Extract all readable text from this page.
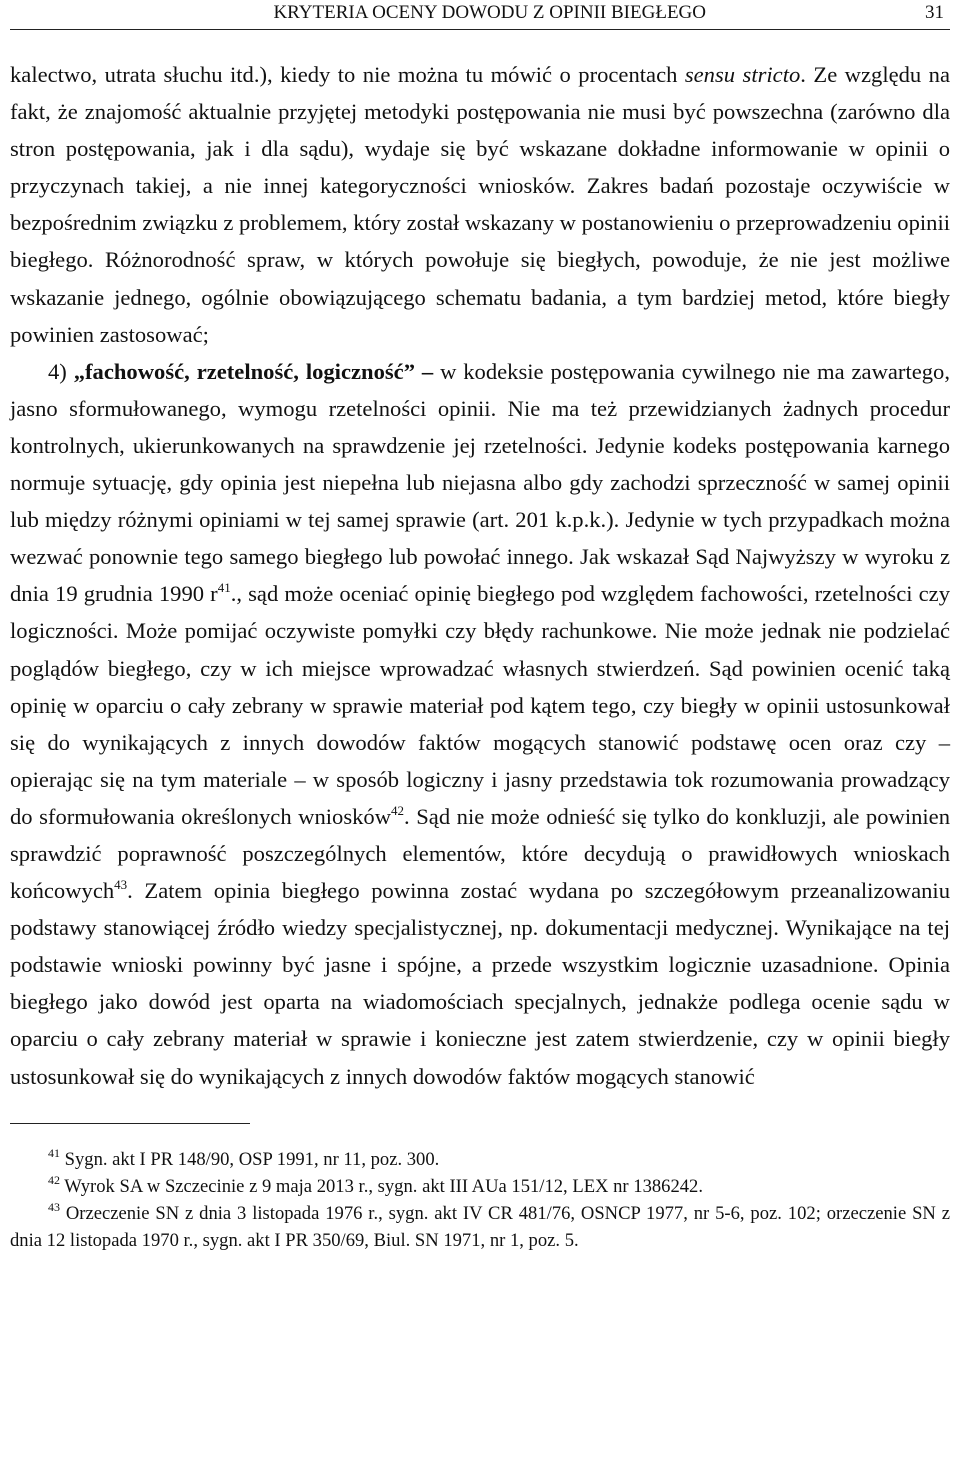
KRYTERIA OCENY DOWODU Z OPINII BIEGŁEGO	31

kalectwo, utrata słuchu itd.), kiedy to nie można tu mówić o procentach sensu stricto. Ze względu na fakt, że znajomość aktualnie przyjętej metodyki postępowania nie musi być powszechna (zarówno dla stron postępowania, jak i dla sądu), wydaje się być wskazane dokładne informowanie w opinii o przyczynach takiej, a nie innej kategoryczności wniosków. Zakres badań pozostaje oczywiście w bezpośrednim związku z problemem, który został wskazany w postanowieniu o przeprowadzeniu opinii biegłego. Różnorodność spraw, w których powołuje się biegłych, powoduje, że nie jest możliwe wskazanie jednego, ogólnie obowiązującego schematu badania, a tym bardziej metod, które biegły powinien zastosować;

4) „fachowość, rzetelność, logiczność” – w kodeksie postępowania cywilnego nie ma zawartego, jasno sformułowanego, wymogu rzetelności opinii. Nie ma też przewidzianych żadnych procedur kontrolnych, ukierunkowanych na sprawdzenie jej rzetelności. Jedynie kodeks postępowania karnego normuje sytuację, gdy opinia jest niepełna lub niejasna albo gdy zachodzi sprzeczność w samej opinii lub między różnymi opiniami w tej samej sprawie (art. 201 k.p.k.). Jedynie w tych przypadkach można wezwać ponownie tego samego biegłego lub powołać innego. Jak wskazał Sąd Najwyższy w wyroku z dnia 19 grudnia 1990 $r^{41}$., sąd może oceniać opinię biegłego pod względem fachowości, rzetelności czy logiczności. Może pomijać oczywiste pomyłki czy błędy rachunkowe. Nie może jednak nie podzielać poglądów biegłego, czy w ich miejsce wprowadzać własnych stwierdzeń. Sąd powinien ocenić taką opinię w oparciu o cały zebrany w sprawie materiał pod kątem tego, czy biegły w opinii ustosunkował się do wynikających z innych dowodów faktów mogących stanowić podstawę ocen oraz czy – opierając się na tym materiale – w sposób logiczny i jasny przedstawia tok rozumowania prowadzący do sformułowania określonych wniosków$^{42}$. Sąd nie może odnieść się tylko do konkluzji, ale powinien sprawdzić poprawność poszczególnych elementów, które decydują o prawidłowych wnioskach końcowych$^{43}$. Zatem opinia biegłego powinna zostać wydana po szczegółowym przeanalizowaniu podstawy stanowiącej źródło wiedzy specjalistycznej, np. dokumentacji medycznej. Wynikające na tej podstawie wnioski powinny być jasne i spójne, a przede wszystkim logicznie uzasadnione. Opinia biegłego jako dowód jest oparta na wiadomościach specjalnych, jednakże podlega ocenie sądu w oparciu o cały zebrany materiał w sprawie i konieczne jest zatem stwierdzenie, czy w opinii biegły ustosunkował się do wynikających z innych dowodów faktów mogących stanowić

$^{41}$ Sygn. akt I PR 148/90, OSP 1991, nr 11, poz. 300.

$^{42}$ Wyrok SA w Szczecinie z 9 maja 2013 r., sygn. akt III AUa 151/12, LEX nr 1386242.

$^{43}$ Orzeczenie SN z dnia 3 listopada 1976 r., sygn. akt IV CR 481/76, OSNCP 1977, nr 5-6, poz. 102; orzeczenie SN z dnia 12 listopada 1970 r., sygn. akt I PR 350/69, Biul. SN 1971, nr 1, poz. 5.
